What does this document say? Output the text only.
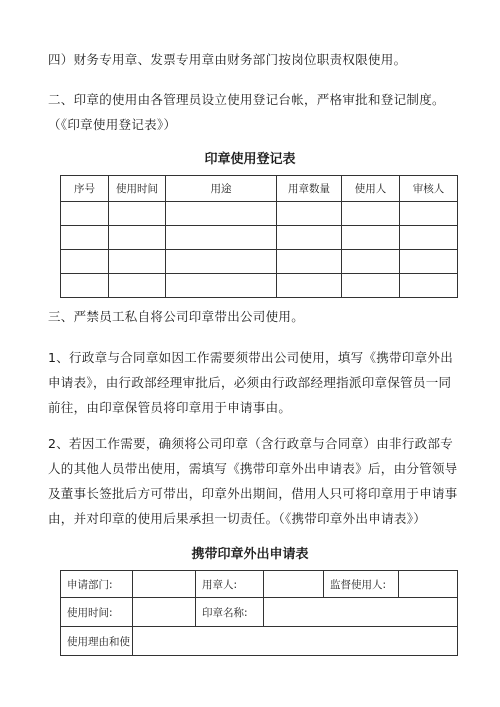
四）财务专用章、发票专用章由财务部门按岗位职责权限使用。

二、印章的使用由各管理员设立使用登记台帐，严格审批和登记制度。（《印章使用登记表》）

印章使用登记表
序号	使用时间	用途	用章数量	使用人	审核人

三、严禁员工私自将公司印章带出公司使用。

1、行政章与合同章如因工作需要须带出公司使用，填写《携带印章外出申请表》，由行政部经理审批后，必须由行政部经理指派印章保管员一同前往，由印章保管员将印章用于申请事由。

2、若因工作需要，确须将公司印章（含行政章与合同章）由非行政部专人的其他人员带出使用，需填写《携带印章外出申请表》后，由分管领导及董事长签批后方可带出，印章外出期间，借用人只可将印章用于申请事由，并对印章的使用后果承担一切责任。（《携带印章外出申请表》）

携带印章外出申请表
申请部门:		用章人:		监督使用人:	
使用时间:		印章名称:			
使用理由和使					
